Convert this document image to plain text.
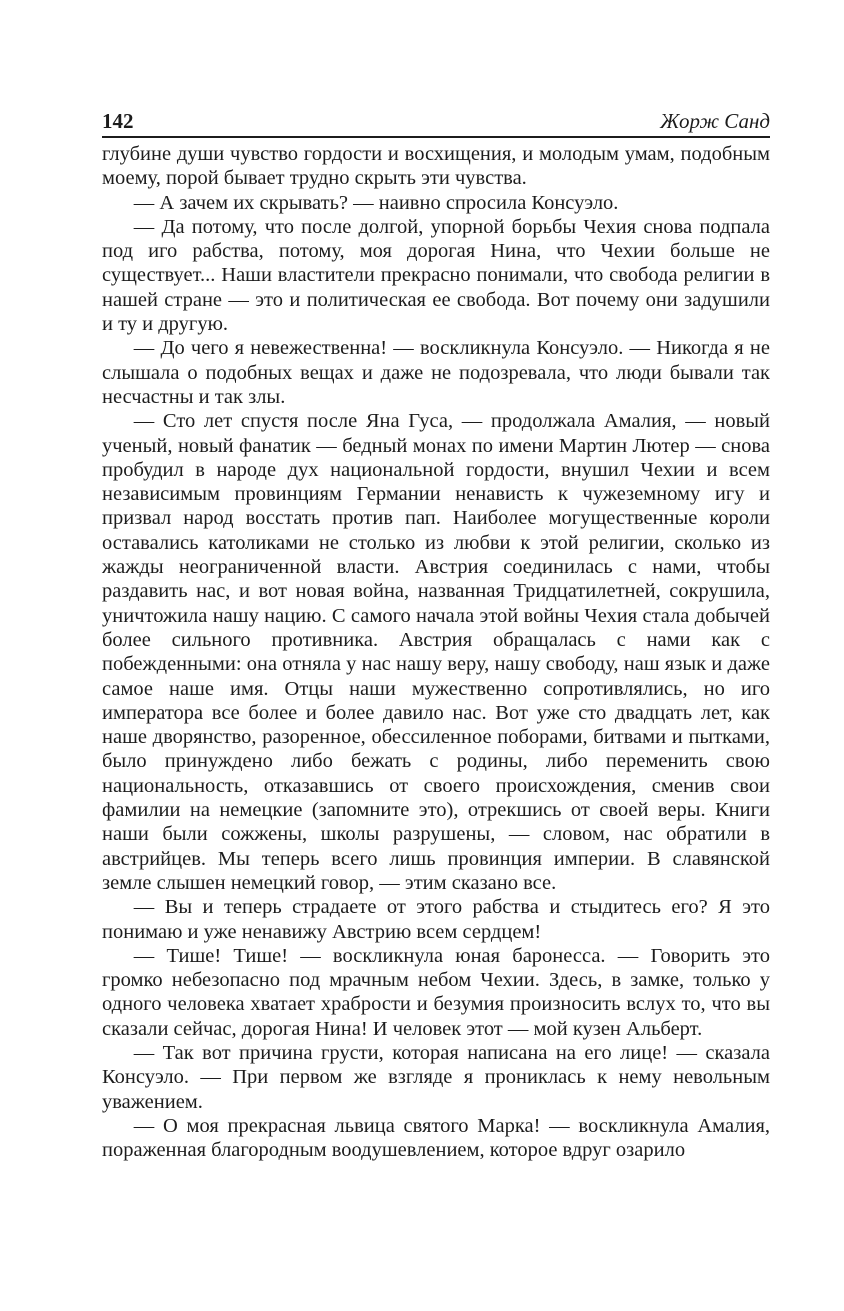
142	Жорж Санд

глубине души чувство гордости и восхищения, и молодым умам, подобным моему, порой бывает трудно скрыть эти чувства.

— А зачем их скрывать? — наивно спросила Консуэло.

— Да потому, что после долгой, упорной борьбы Чехия снова подпала под иго рабства, потому, моя дорогая Нина, что Чехии больше не существует... Наши властители прекрасно понимали, что свобода религии в нашей стране — это и политическая ее свобода. Вот почему они задушили и ту и другую.

— До чего я невежественна! — воскликнула Консуэло. — Никогда я не слышала о подобных вещах и даже не подозревала, что люди бывали так несчастны и так злы.

— Сто лет спустя после Яна Гуса, — продолжала Амалия, — новый ученый, новый фанатик — бедный монах по имени Мартин Лютер — снова пробудил в народе дух национальной гордости, внушил Чехии и всем независимым провинциям Германии ненависть к чужеземному игу и призвал народ восстать против пап. Наиболее могущественные короли оставались католиками не столько из любви к этой религии, сколько из жажды неограниченной власти. Австрия соединилась с нами, чтобы раздавить нас, и вот новая война, названная Тридцатилетней, сокрушила, уничтожила нашу нацию. С самого начала этой войны Чехия стала добычей более сильного противника. Австрия обращалась с нами как с побежденными: она отняла у нас нашу веру, нашу свободу, наш язык и даже самое наше имя. Отцы наши мужественно сопротивлялись, но иго императора все более и более давило нас. Вот уже сто двадцать лет, как наше дворянство, разоренное, обессиленное поборами, битвами и пытками, было принуждено либо бежать с родины, либо переменить свою национальность, отказавшись от своего происхождения, сменив свои фамилии на немецкие (запомните это), отрекшись от своей веры. Книги наши были сожжены, школы разрушены, — словом, нас обратили в австрийцев. Мы теперь всего лишь провинция империи. В славянской земле слышен немецкий говор, — этим сказано все.

— Вы и теперь страдаете от этого рабства и стыдитесь его? Я это понимаю и уже ненавижу Австрию всем сердцем!

— Тише! Тише! — воскликнула юная баронесса. — Говорить это громко небезопасно под мрачным небом Чехии. Здесь, в замке, только у одного человека хватает храбрости и безумия произносить вслух то, что вы сказали сейчас, дорогая Нина! И человек этот — мой кузен Альберт.

— Так вот причина грусти, которая написана на его лице! — сказала Консуэло. — При первом же взгляде я прониклась к нему невольным уважением.

— О моя прекрасная львица святого Марка! — воскликнула Амалия, пораженная благородным воодушевлением, которое вдруг озарило
